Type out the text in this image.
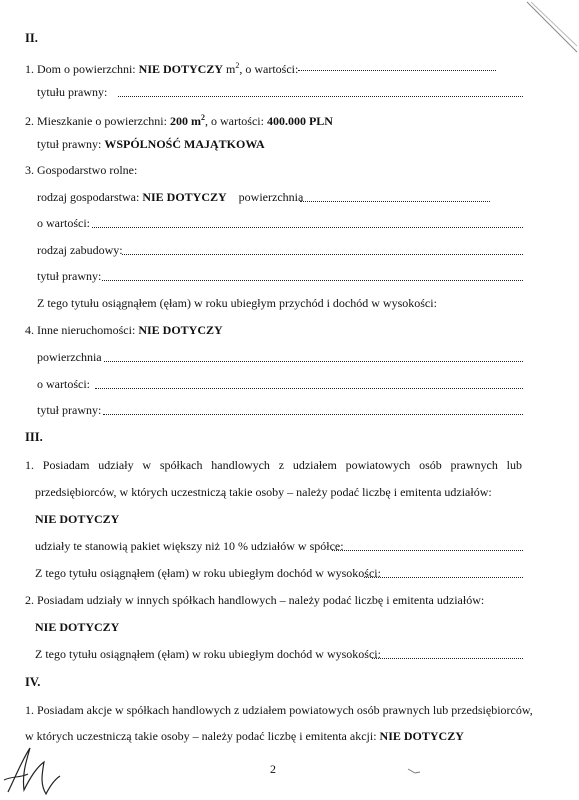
II.
1. Dom o powierzchni: NIE DOTYCZY $m^2$, o wartości:
tytułu prawny:
2. Mieszkanie o powierzchni: 200 $m^2$, o wartości: 400.000 PLN
tytuł prawny: WSPÓLNOŚĆ MAJĄTKOWA
3. Gospodarstwo rolne:
rodzaj gospodarstwa: NIE DOTYCZY powierzchnia
o wartości:
rodzaj zabudowy:
tytuł prawny:
Z tego tytułu osiągnąłem (ęłam) w roku ubiegłym przychód i dochód w wysokości:
4. Inne nieruchomości: NIE DOTYCZY
powierzchnia
o wartości:
tytuł prawny:
III.
1. Posiadam udziały w spółkach handlowych z udziałem powiatowych osób prawnych lub
przedsiębiorców, w których uczestniczą takie osoby – należy podać liczbę i emitenta udziałów:
NIE DOTYCZY
udziały te stanowią pakiet większy niż 10 % udziałów w spółce:
Z tego tytułu osiągnąłem (ęłam) w roku ubiegłym dochód w wysokości:
2. Posiadam udziały w innych spółkach handlowych – należy podać liczbę i emitenta udziałów:
NIE DOTYCZY
Z tego tytułu osiągnąłem (ęłam) w roku ubiegłym dochód w wysokości:
IV.
1. Posiadam akcje w spółkach handlowych z udziałem powiatowych osób prawnych lub przedsiębiorców,
w których uczestniczą takie osoby – należy podać liczbę i emitenta akcji: NIE DOTYCZY
2
